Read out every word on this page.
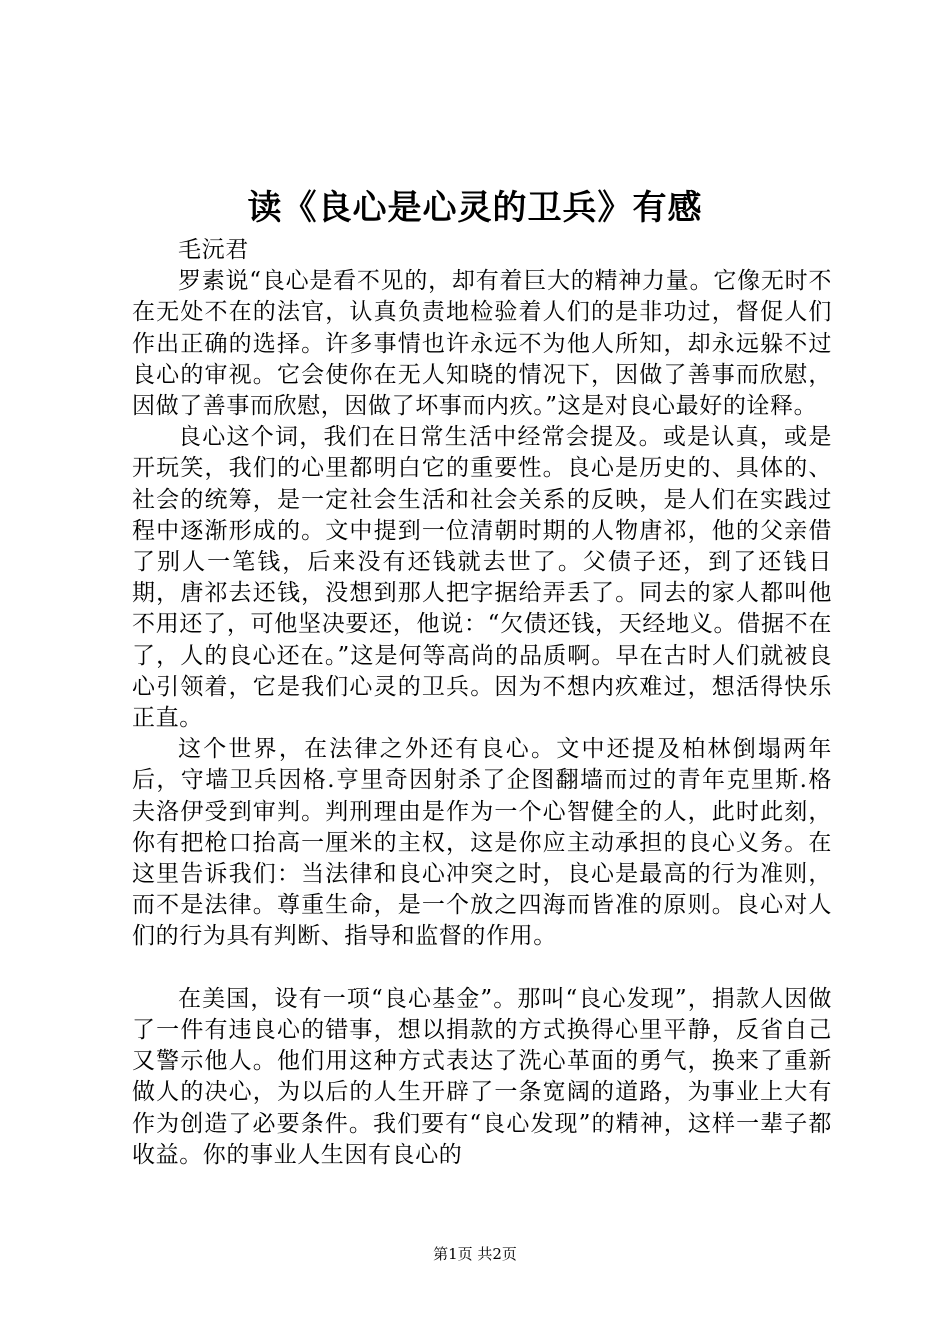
读《良心是心灵的卫兵》有感

毛沅君

罗素说“良心是看不见的，却有着巨大的精神力量。它像无时不在无处不在的法官，认真负责地检验着人们的是非功过，督促人们作出正确的选择。许多事情也许永远不为他人所知，却永远躲不过良心的审视。它会使你在无人知晓的情况下，因做了善事而欣慰，因做了善事而欣慰，因做了坏事而内疚。”这是对良心最好的诠释。

良心这个词，我们在日常生活中经常会提及。或是认真，或是开玩笑，我们的心里都明白它的重要性。良心是历史的、具体的、社会的统筹，是一定社会生活和社会关系的反映，是人们在实践过程中逐渐形成的。文中提到一位清朝时期的人物唐祁，他的父亲借了别人一笔钱，后来没有还钱就去世了。父债子还，到了还钱日期，唐祁去还钱，没想到那人把字据给弄丢了。同去的家人都叫他不用还了，可他坚决要还，他说：“欠债还钱，天经地义。借据不在了，人的良心还在。”这是何等高尚的品质啊。早在古时人们就被良心引领着，它是我们心灵的卫兵。因为不想内疚难过，想活得快乐正直。

这个世界，在法律之外还有良心。文中还提及柏林倒塌两年后，守墙卫兵因格.亨里奇因射杀了企图翻墙而过的青年克里斯.格夫洛伊受到审判。判刑理由是作为一个心智健全的人，此时此刻，你有把枪口抬高一厘米的主权，这是你应主动承担的良心义务。在这里告诉我们：当法律和良心冲突之时，良心是最高的行为准则，而不是法律。尊重生命，是一个放之四海而皆准的原则。良心对人们的行为具有判断、指导和监督的作用。

在美国，设有一项“良心基金”。那叫“良心发现”，捐款人因做了一件有违良心的错事，想以捐款的方式换得心里平静，反省自己又警示他人。他们用这种方式表达了洗心革面的勇气，换来了重新做人的决心，为以后的人生开辟了一条宽阔的道路，为事业上大有作为创造了必要条件。我们要有“良心发现”的精神，这样一辈子都收益。你的事业人生因有良心的

第1页 共2页
